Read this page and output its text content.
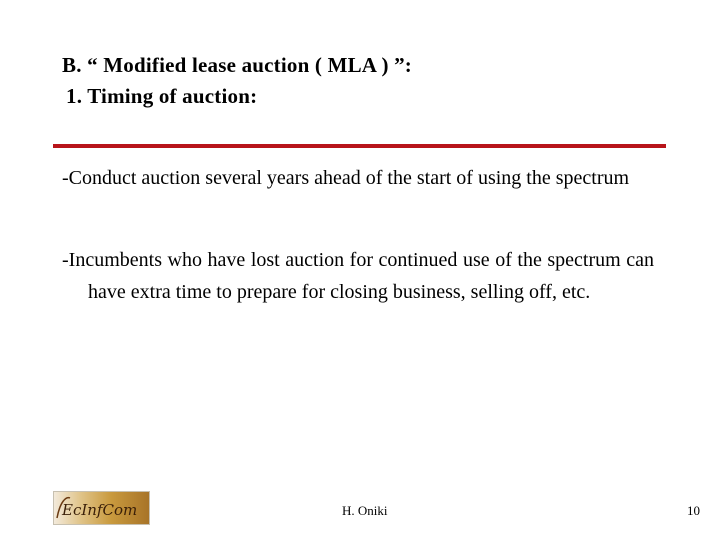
B. “ Modified lease auction ( MLA ) ”:
1. Timing of auction:
-Conduct auction several years ahead of the start of using the spectrum
-Incumbents who have lost auction for continued use of the spectrum can have extra time to prepare for closing business, selling off, etc.
EcInfCom	H. Oniki	10
